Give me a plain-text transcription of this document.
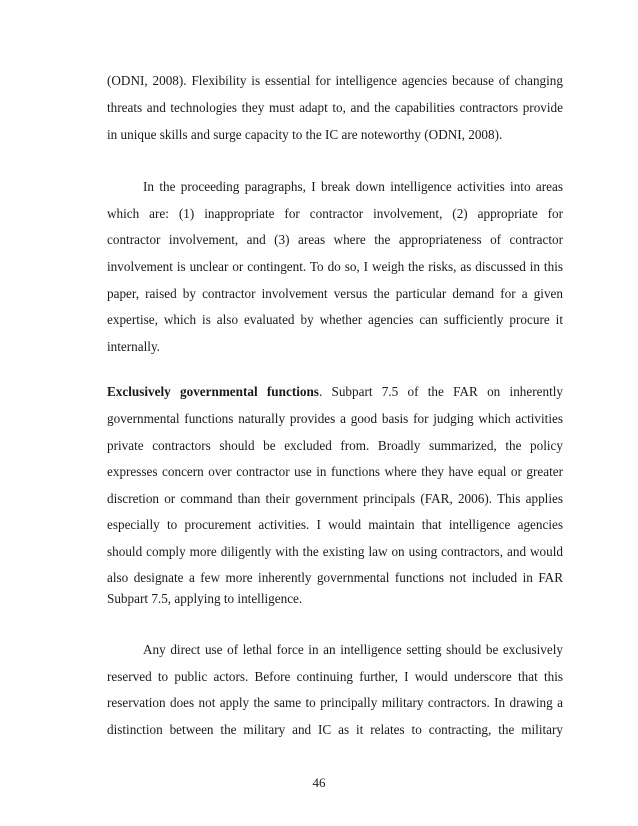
(ODNI, 2008). Flexibility is essential for intelligence agencies because of changing
threats and technologies they must adapt to, and the capabilities contractors provide
in unique skills and surge capacity to the IC are noteworthy (ODNI, 2008).
In the proceeding paragraphs, I break down intelligence activities into areas
which are: (1) inappropriate for contractor involvement, (2) appropriate for
contractor involvement, and (3) areas where the appropriateness of contractor
involvement is unclear or contingent. To do so, I weigh the risks, as discussed in this
paper, raised by contractor involvement versus the particular demand for a given
expertise, which is also evaluated by whether agencies can sufficiently procure it
internally.
Exclusively governmental functions. Subpart 7.5 of the FAR on inherently
governmental functions naturally provides a good basis for judging which activities
private contractors should be excluded from. Broadly summarized, the policy
expresses concern over contractor use in functions where they have equal or greater
discretion or command than their government principals (FAR, 2006). This applies
especially to procurement activities. I would maintain that intelligence agencies
should comply more diligently with the existing law on using contractors, and would
also designate a few more inherently governmental functions not included in FAR
Subpart 7.5, applying to intelligence.
Any direct use of lethal force in an intelligence setting should be exclusively
reserved to public actors. Before continuing further, I would underscore that this
reservation does not apply the same to principally military contractors. In drawing a
distinction between the military and IC as it relates to contracting, the military
46
